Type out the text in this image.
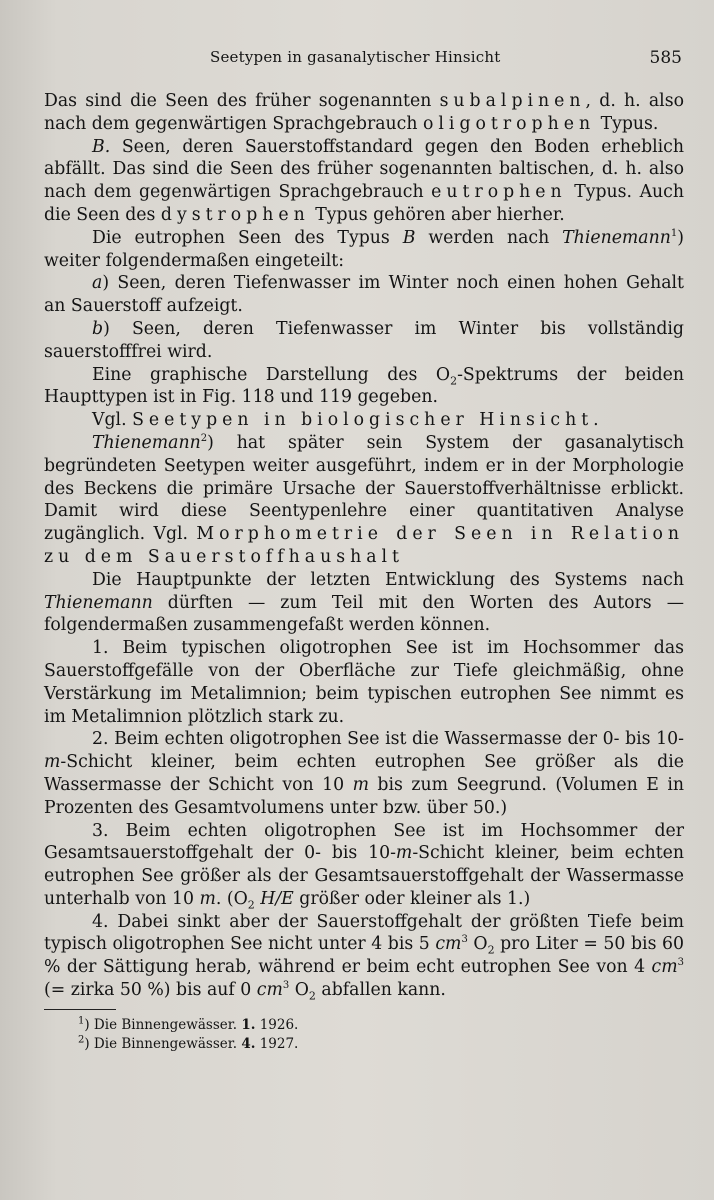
Seetypen in gasanalytischer Hinsicht	585

Das sind die Seen des früher sogenannten subalpinen, d. h. also nach dem gegenwärtigen Sprachgebrauch oligotrophen Typus.

B. Seen, deren Sauerstoffstandard gegen den Boden erheblich abfällt. Das sind die Seen des früher sogenannten baltischen, d. h. also nach dem gegenwärtigen Sprachgebrauch eutrophen Typus. Auch die Seen des dystrophen Typus gehören aber hierher.

Die eutrophen Seen des Typus B werden nach Thienemann$^1$) weiter folgendermaßen eingeteilt:

a) Seen, deren Tiefenwasser im Winter noch einen hohen Gehalt an Sauerstoff aufzeigt.

b) Seen, deren Tiefenwasser im Winter bis vollständig sauerstofffrei wird.

Eine graphische Darstellung des $O_2$-Spektrums der beiden Haupttypen ist in Fig. 118 und 119 gegeben.

Vgl. Seetypen in biologischer Hinsicht.

Thienemann$^2$) hat später sein System der gasanalytisch begründeten Seetypen weiter ausgeführt, indem er in der Morphologie des Beckens die primäre Ursache der Sauerstoffverhältnisse erblickt. Damit wird diese Seentypenlehre einer quantitativen Analyse zugänglich. Vgl. Morphometrie der Seen in Relation zu dem Sauerstoffhaushalt

Die Hauptpunkte der letzten Entwicklung des Systems nach Thienemann dürften — zum Teil mit den Worten des Autors — folgendermaßen zusammengefaßt werden können.

1. Beim typischen oligotrophen See ist im Hochsommer das Sauerstoffgefälle von der Oberfläche zur Tiefe gleichmäßig, ohne Verstärkung im Metalimnion; beim typischen eutrophen See nimmt es im Metalimnion plötzlich stark zu.

2. Beim echten oligotrophen See ist die Wassermasse der 0- bis 10-m-Schicht kleiner, beim echten eutrophen See größer als die Wassermasse der Schicht von 10 m bis zum Seegrund. (Volumen E in Prozenten des Gesamtvolumens unter bzw. über 50.)

3. Beim echten oligotrophen See ist im Hochsommer der Gesamtsauerstoffgehalt der 0- bis 10-m-Schicht kleiner, beim echten eutrophen See größer als der Gesamtsauerstoffgehalt der Wassermasse unterhalb von 10 m. ($O_2$ H/E größer oder kleiner als 1.)

4. Dabei sinkt aber der Sauerstoffgehalt der größten Tiefe beim typisch oligotrophen See nicht unter 4 bis 5 $cm^3$ $O_2$ pro Liter = 50 bis 60 % der Sättigung herab, während er beim echt eutrophen See von 4 $cm^3$ (= zirka 50 %) bis auf 0 $cm^3$ $O_2$ abfallen kann.

$^1$) Die Binnengewässer. 1. 1926.

$^2$) Die Binnengewässer. 4. 1927.
